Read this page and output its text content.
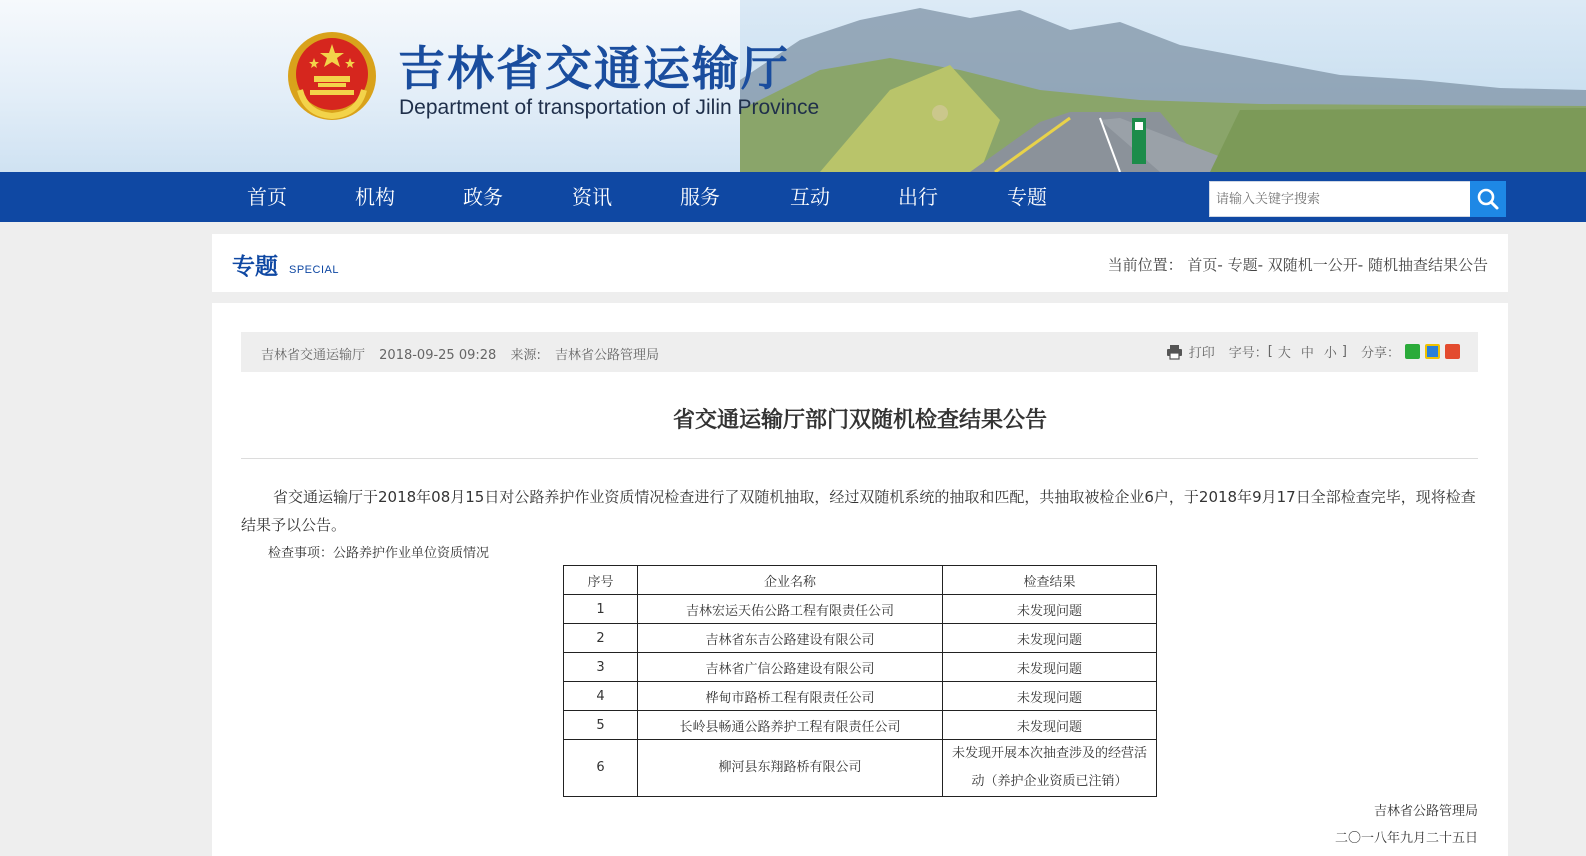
吉林省交通运输厅
Department of transportation of Jilin Province
首页	机构	政务	资讯	服务	互动	出行	专题
请输入关键字搜索
专题 SPECIAL	当前位置： 首页- 专题- 双随机一公开- 随机抽查结果公告
吉林省交通运输厅 2018-09-25 09:28 来源: 吉林省公路管理局	打印 字号： [ 大 中 小 ] 分享：
省交通运输厅部门双随机检查结果公告
省交通运输厅于2018年08月15日对公路养护作业资质情况检查进行了双随机抽取，经过双随机系统的抽取和匹配，共抽取被检企业6户，于2018年9月17日全部检查完毕，现将检查结果予以公告。
检查事项：公路养护作业单位资质情况
序号	企业名称	检查结果
1	吉林宏运天佑公路工程有限责任公司	未发现问题
2	吉林省东吉公路建设有限公司	未发现问题
3	吉林省广信公路建设有限公司	未发现问题
4	桦甸市路桥工程有限责任公司	未发现问题
5	长岭县畅通公路养护工程有限责任公司	未发现问题
6	柳河县东翔路桥有限公司	未发现开展本次抽查涉及的经营活动（养护企业资质已注销）
吉林省公路管理局
二〇一八年九月二十五日
